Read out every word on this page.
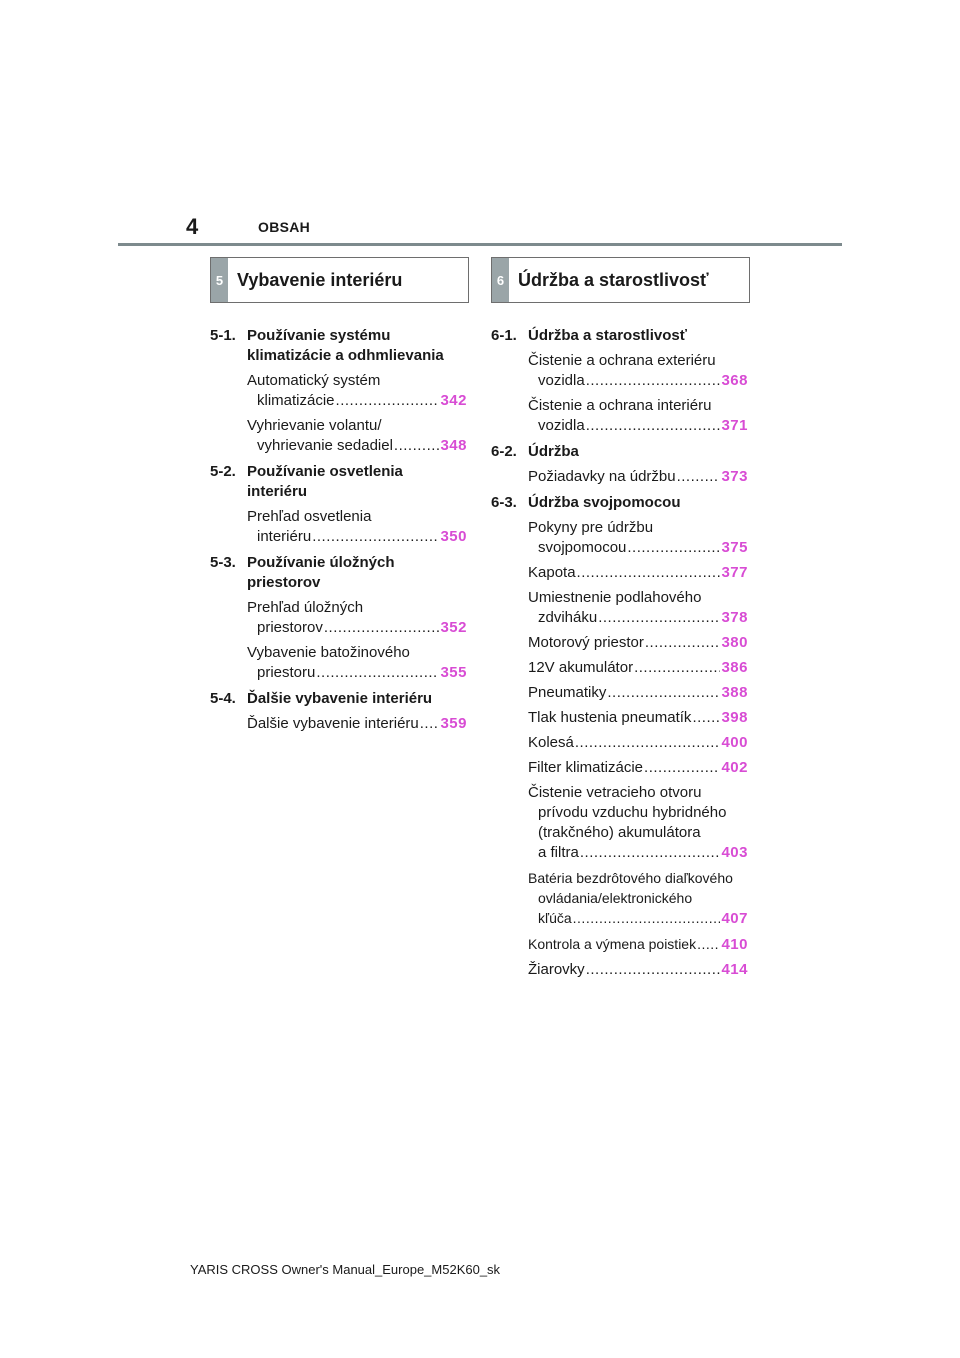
4	OBSAH
5 Vybavenie interiéru	6 Údržba a starostlivosť
5-1. Používanie systému klimatizácie a odhmlievania
Automatický systém
klimatizácie .....	342
Vyhrievanie volantu/
vyhrievanie sedadiel .....	348
5-2. Používanie osvetlenia interiéru
Prehľad osvetlenia
interiéru .....	350
5-3. Používanie úložných priestorov
Prehľad úložných
priestorov .....	352
Vybavenie batožinového
priestoru .....	355
5-4. Ďalšie vybavenie interiéru
Ďalšie vybavenie interiéru ..... 359
6-1. Údržba a starostlivosť
Čistenie a ochrana exteriéru
vozidla .....	368
Čistenie a ochrana interiéru
vozidla .....	371
6-2. Údržba
Požiadavky na údržbu .....	373
6-3. Údržba svojpomocou
Pokyny pre údržbu
svojpomocou .....	375
Kapota .....	377
Umiestnenie podlahového
zdviháku .....	378
Motorový priestor .....	380
12V akumulátor .....	386
Pneumatiky .....	388
Tlak hustenia pneumatík ..... 398
Kolesá .....	400
Filter klimatizácie .....	402
Čistenie vetracieho otvoru
prívodu vzduchu hybridného
(trakčného) akumulátora
a filtra .....	403
Batéria bezdrôtového diaľkového
ovládania/elektronického
kľúča .....	407
Kontrola a výmena poistiek ..... 410
Žiarovky .....	414
YARIS CROSS Owner's Manual_Europe_M52K60_sk
